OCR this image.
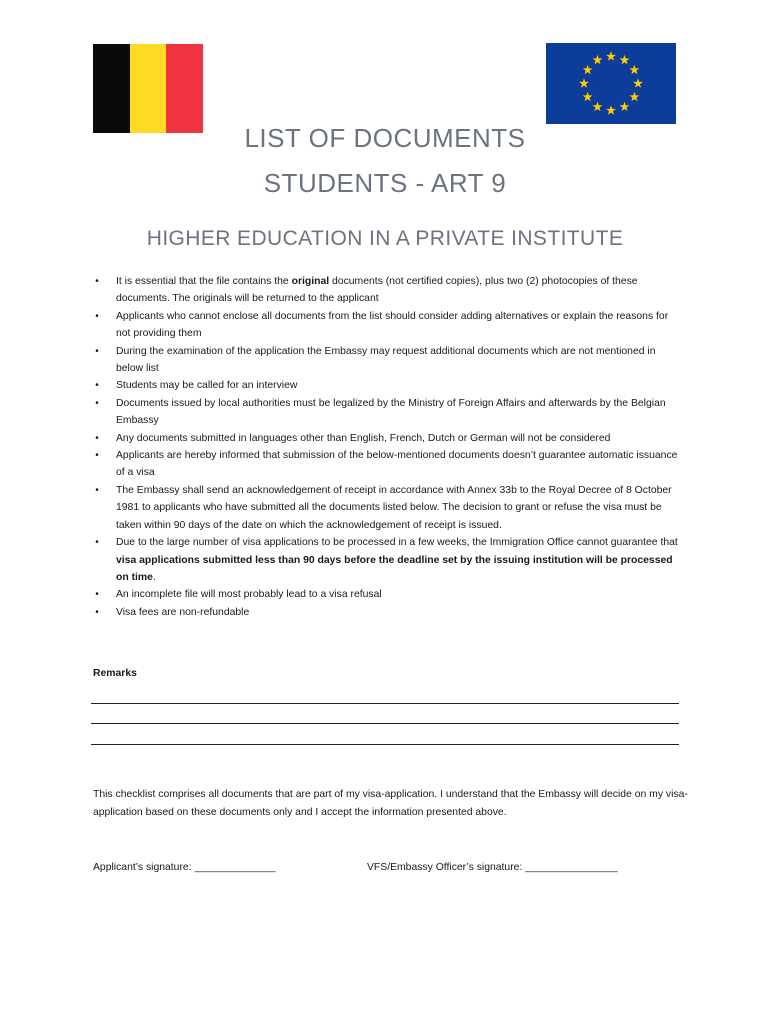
LIST OF DOCUMENTS
STUDENTS - ART 9
HIGHER EDUCATION IN A PRIVATE INSTITUTE
• It is essential that the file contains the original documents (not certified copies), plus two (2) photocopies of these documents. The originals will be returned to the applicant
• Applicants who cannot enclose all documents from the list should consider adding alternatives or explain the reasons for not providing them
• During the examination of the application the Embassy may request additional documents which are not mentioned in below list
• Students may be called for an interview
• Documents issued by local authorities must be legalized by the Ministry of Foreign Affairs and afterwards by the Belgian Embassy
• Any documents submitted in languages other than English, French, Dutch or German will not be considered
• Applicants are hereby informed that submission of the below-mentioned documents doesn’t guarantee automatic issuance of a visa
• The Embassy shall send an acknowledgement of receipt in accordance with Annex 33b to the Royal Decree of 8 October 1981 to applicants who have submitted all the documents listed below. The decision to grant or refuse the visa must be taken within 90 days of the date on which the acknowledgement of receipt is issued.
• Due to the large number of visa applications to be processed in a few weeks, the Immigration Office cannot guarantee that visa applications submitted less than 90 days before the deadline set by the issuing institution will be processed on time.
• An incomplete file will most probably lead to a visa refusal
• Visa fees are non-refundable

Remarks

This checklist comprises all documents that are part of my visa-application. I understand that the Embassy will decide on my visa-application based on these documents only and I accept the information presented above.

Applicant’s signature: ______________	VFS/Embassy Officer’s signature: ________________
